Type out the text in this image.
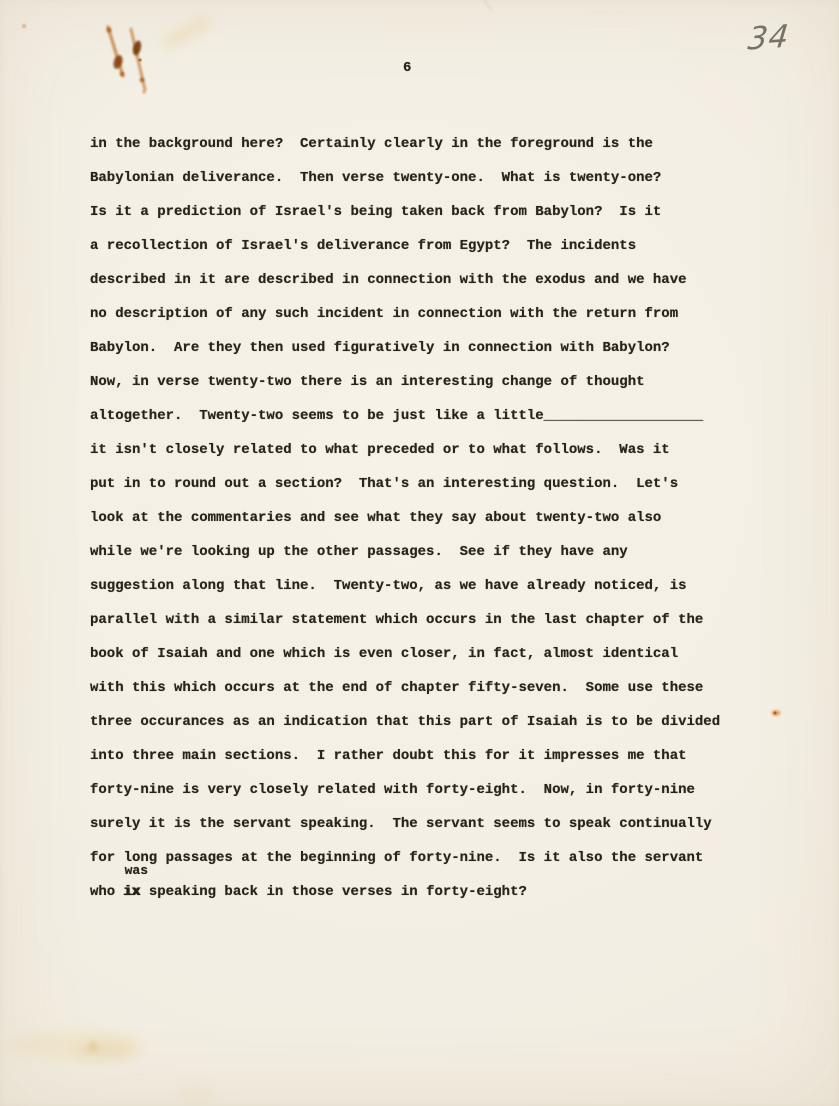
34
6
in the background here?  Certainly clearly in the foreground is the
Babylonian deliverance.  Then verse twenty-one.  What is twenty-one?
Is it a prediction of Israel's being taken back from Babylon?  Is it
a recollection of Israel's deliverance from Egypt?  The incidents
described in it are described in connection with the exodus and we have
no description of any such incident in connection with the return from
Babylon.  Are they then used figuratively in connection with Babylon?
Now, in verse twenty-two there is an interesting change of thought
altogether.  Twenty-two seems to be just like a little___________________
it isn't closely related to what preceded or to what follows.  Was it
put in to round out a section?  That's an interesting question.  Let's
look at the commentaries and see what they say about twenty-two also
while we're looking up the other passages.  See if they have any
suggestion along that line.  Twenty-two, as we have already noticed, is
parallel with a similar statement which occurs in the last chapter of the
book of Isaiah and one which is even closer, in fact, almost identical
with this which occurs at the end of chapter fifty-seven.  Some use these
three occurances as an indication that this part of Isaiah is to be divided
into three main sections.  I rather doubt this for it impresses me that
forty-nine is very closely related with forty-eight.  Now, in forty-nine
surely it is the servant speaking.  The servant seems to speak continually
for long passages at the beginning of forty-nine.  Is it also the servant
who
was
ix speaking back in those verses in forty-eight?
